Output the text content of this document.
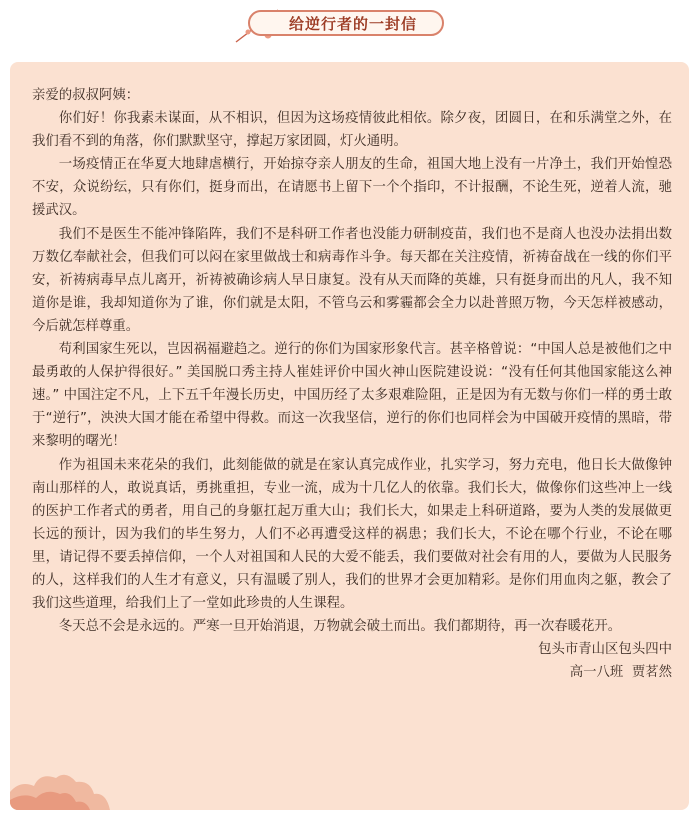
给逆行者的一封信

亲爱的叔叔阿姨：

你们好！你我素未谋面，从不相识，但因为这场疫情彼此相依。除夕夜，团圆日，在和乐满堂之外，在我们看不到的角落，你们默默坚守，撑起万家团圆，灯火通明。

一场疫情正在华夏大地肆虐横行，开始掠夺亲人朋友的生命，祖国大地上没有一片净土，我们开始惶恐不安，众说纷纭，只有你们，挺身而出，在请愿书上留下一个个指印，不计报酬，不论生死，逆着人流，驰援武汉。

我们不是医生不能冲锋陷阵，我们不是科研工作者也没能力研制疫苗，我们也不是商人也没办法捐出数万数亿奉献社会，但我们可以闷在家里做战士和病毒作斗争。每天都在关注疫情，祈祷奋战在一线的你们平安，祈祷病毒早点儿离开，祈祷被确诊病人早日康复。没有从天而降的英雄，只有挺身而出的凡人，我不知道你是谁，我却知道你为了谁，你们就是太阳，不管乌云和雾霾都会全力以赴普照万物，今天怎样被感动，今后就怎样尊重。

苟利国家生死以，岂因祸福避趋之。逆行的你们为国家形象代言。甚辛格曾说：“中国人总是被他们之中最勇敢的人保护得很好。” 美国脱口秀主持人崔娃评价中国火神山医院建设说：“没有任何其他国家能这么神速。” 中国注定不凡，上下五千年漫长历史，中国历经了太多艰难险阻，正是因为有无数与你们一样的勇士敢于“逆行”，泱泱大国才能在希望中得救。而这一次我坚信，逆行的你们也同样会为中国破开疫情的黑暗，带来黎明的曙光！

作为祖国未来花朵的我们，此刻能做的就是在家认真完成作业，扎实学习，努力充电，他日长大做像钟南山那样的人，敢说真话，勇挑重担，专业一流，成为十几亿人的依靠。我们长大，做像你们这些冲上一线的医护工作者式的勇者，用自己的身躯扛起万重大山；我们长大，如果走上科研道路，要为人类的发展做更长远的预计，因为我们的毕生努力，人们不必再遭受这样的祸患；我们长大，不论在哪个行业，不论在哪里，请记得不要丢掉信仰，一个人对祖国和人民的大爱不能丢，我们要做对社会有用的人，要做为人民服务的人，这样我们的人生才有意义，只有温暖了别人，我们的世界才会更加精彩。是你们用血肉之躯，教会了我们这些道理，给我们上了一堂如此珍贵的人生课程。

冬天总不会是永远的。严寒一旦开始消退，万物就会破土而出。我们都期待，再一次春暖花开。

包头市青山区包头四中

高一八班  贾茗然
